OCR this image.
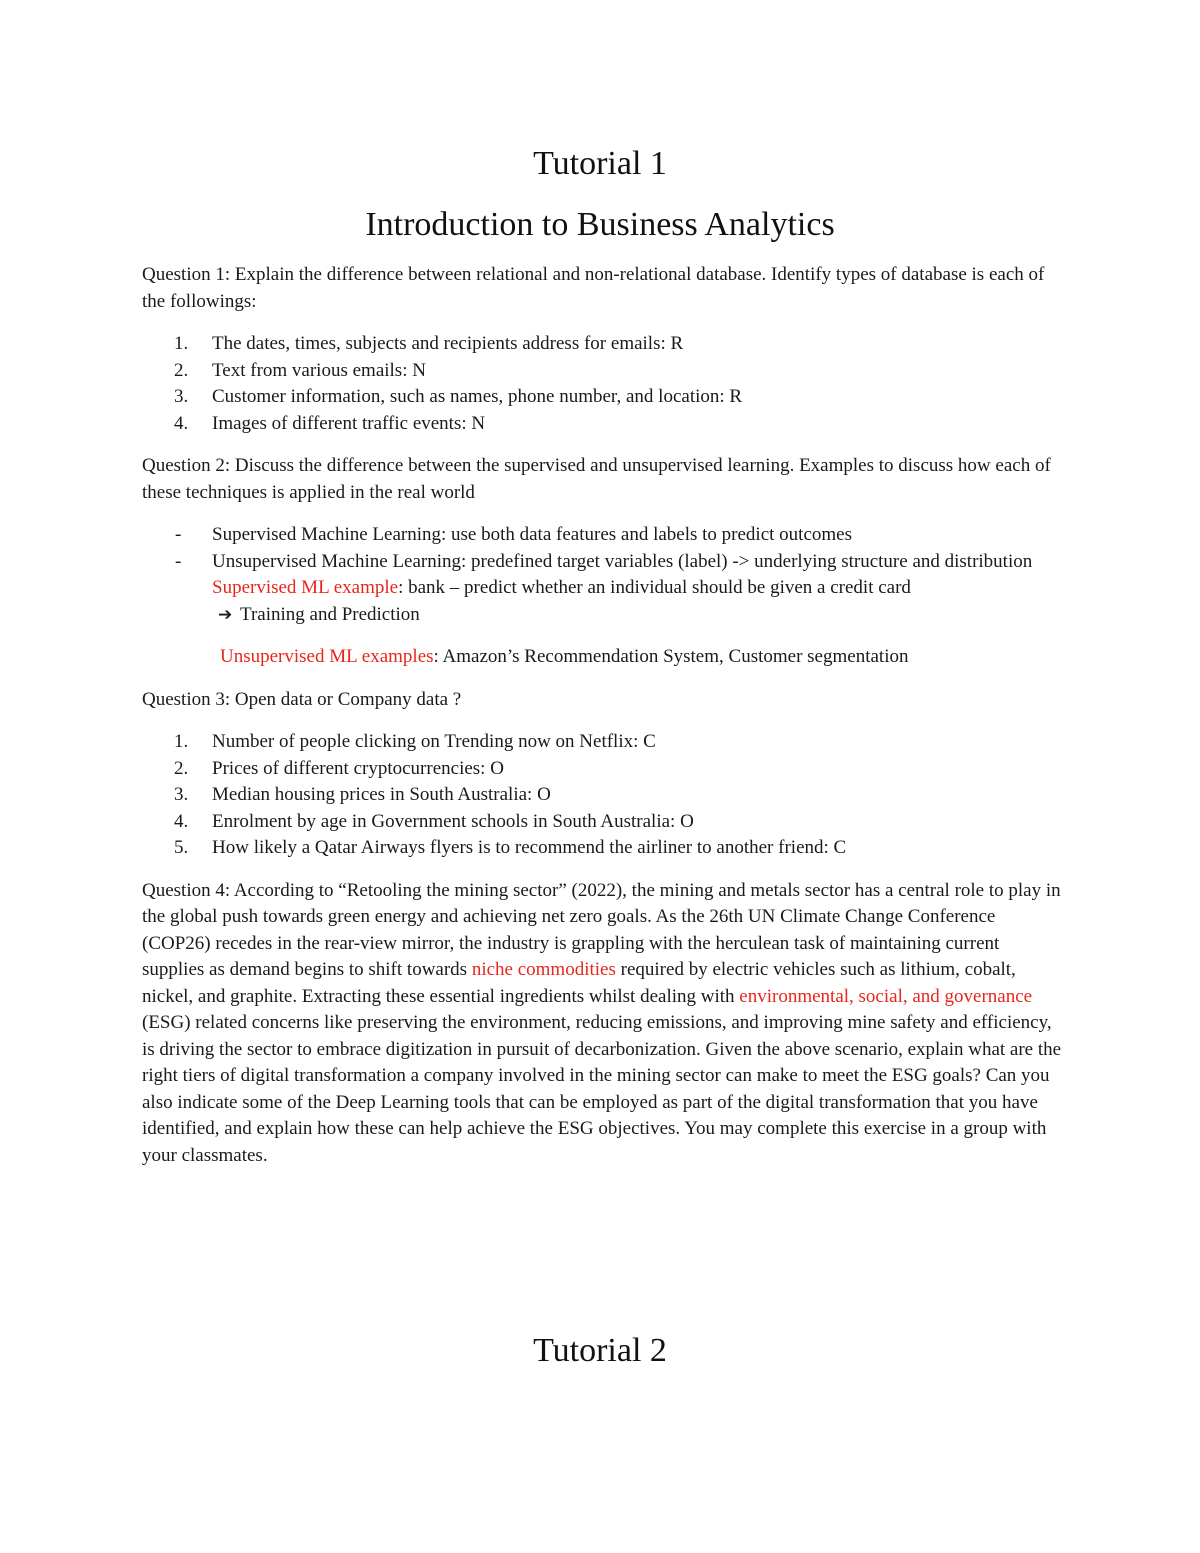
Tutorial 1
Introduction to Business Analytics

Question 1: Explain the difference between relational and non-relational database. Identify types of database is each of the followings:

1.	The dates, times, subjects and recipients address for emails: R
2.	Text from various emails: N
3.	Customer information, such as names, phone number, and location: R
4.	Images of different traffic events: N

Question 2: Discuss the difference between the supervised and unsupervised learning. Examples to discuss how each of these techniques is applied in the real world

- Supervised Machine Learning: use both data features and labels to predict outcomes
- Unsupervised Machine Learning: predefined target variables (label) -> underlying structure and distribution
Supervised ML example: bank – predict whether an individual should be given a credit card
➔ Training and Prediction
Unsupervised ML examples: Amazon’s Recommendation System, Customer segmentation

Question 3: Open data or Company data ?

1.	Number of people clicking on Trending now on Netflix: C
2.	Prices of different cryptocurrencies: O
3.	Median housing prices in South Australia: O
4.	Enrolment by age in Government schools in South Australia: O
5.	How likely a Qatar Airways flyers is to recommend the airliner to another friend: C

Question 4: According to “Retooling the mining sector” (2022), the mining and metals sector has a central role to play in the global push towards green energy and achieving net zero goals. As the 26th UN Climate Change Conference (COP26) recedes in the rear-view mirror, the industry is grappling with the herculean task of maintaining current supplies as demand begins to shift towards niche commodities required by electric vehicles such as lithium, cobalt, nickel, and graphite. Extracting these essential ingredients whilst dealing with environmental, social, and governance (ESG) related concerns like preserving the environment, reducing emissions, and improving mine safety and efficiency, is driving the sector to embrace digitization in pursuit of decarbonization. Given the above scenario, explain what are the right tiers of digital transformation a company involved in the mining sector can make to meet the ESG goals? Can you also indicate some of the Deep Learning tools that can be employed as part of the digital transformation that you have identified, and explain how these can help achieve the ESG objectives. You may complete this exercise in a group with your classmates.

Tutorial 2
